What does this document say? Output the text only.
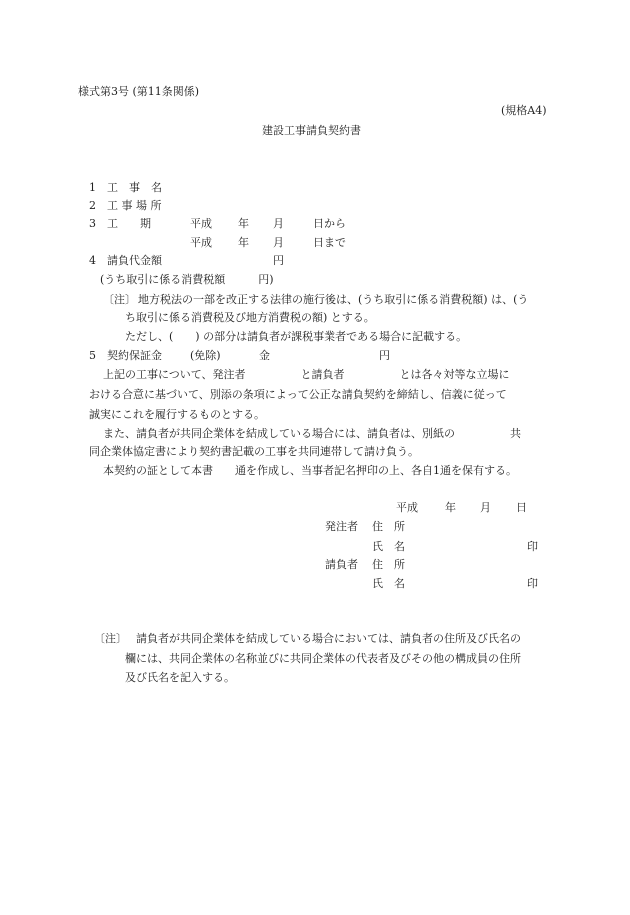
様式第3号 (第11条関係)
(規格A4)
建設工事請負契約書
1 工　事　名
2 工 事 場 所
3 工　　期	平成 年 月	日から
平成 年 月	日まで
4 請負代金額	円
(うち取引に係る消費税額　　　円)
〔注〕 地方税法の一部を改正する法律の施行後は、(うち取引に係る消費税額) は、(う
ち取引に係る消費税及び地方消費税の額) とする。
ただし、(　　) の部分は請負者が課税事業者である場合に記載する。
5 契約保証金	(免除)	金	円
上記の工事について、発注者　　　　　と請負者　　　　　とは各々対等な立場に
おける合意に基づいて、別添の条項によって公正な請負契約を締結し、信義に従って
誠実にこれを履行するものとする。
また、請負者が共同企業体を結成している場合には、請負者は、別紙の　　　　　共
同企業体協定書により契約書記載の工事を共同連帯して請け負う。
本契約の証として本書　　通を作成し、当事者記名押印の上、各自1通を保有する。
平成 年 月 日
発注者 住　所
氏　名	印
請負者 住　所
氏　名	印
〔注〕 請負者が共同企業体を結成している場合においては、請負者の住所及び氏名の
欄には、共同企業体の名称並びに共同企業体の代表者及びその他の構成員の住所
及び氏名を記入する。
